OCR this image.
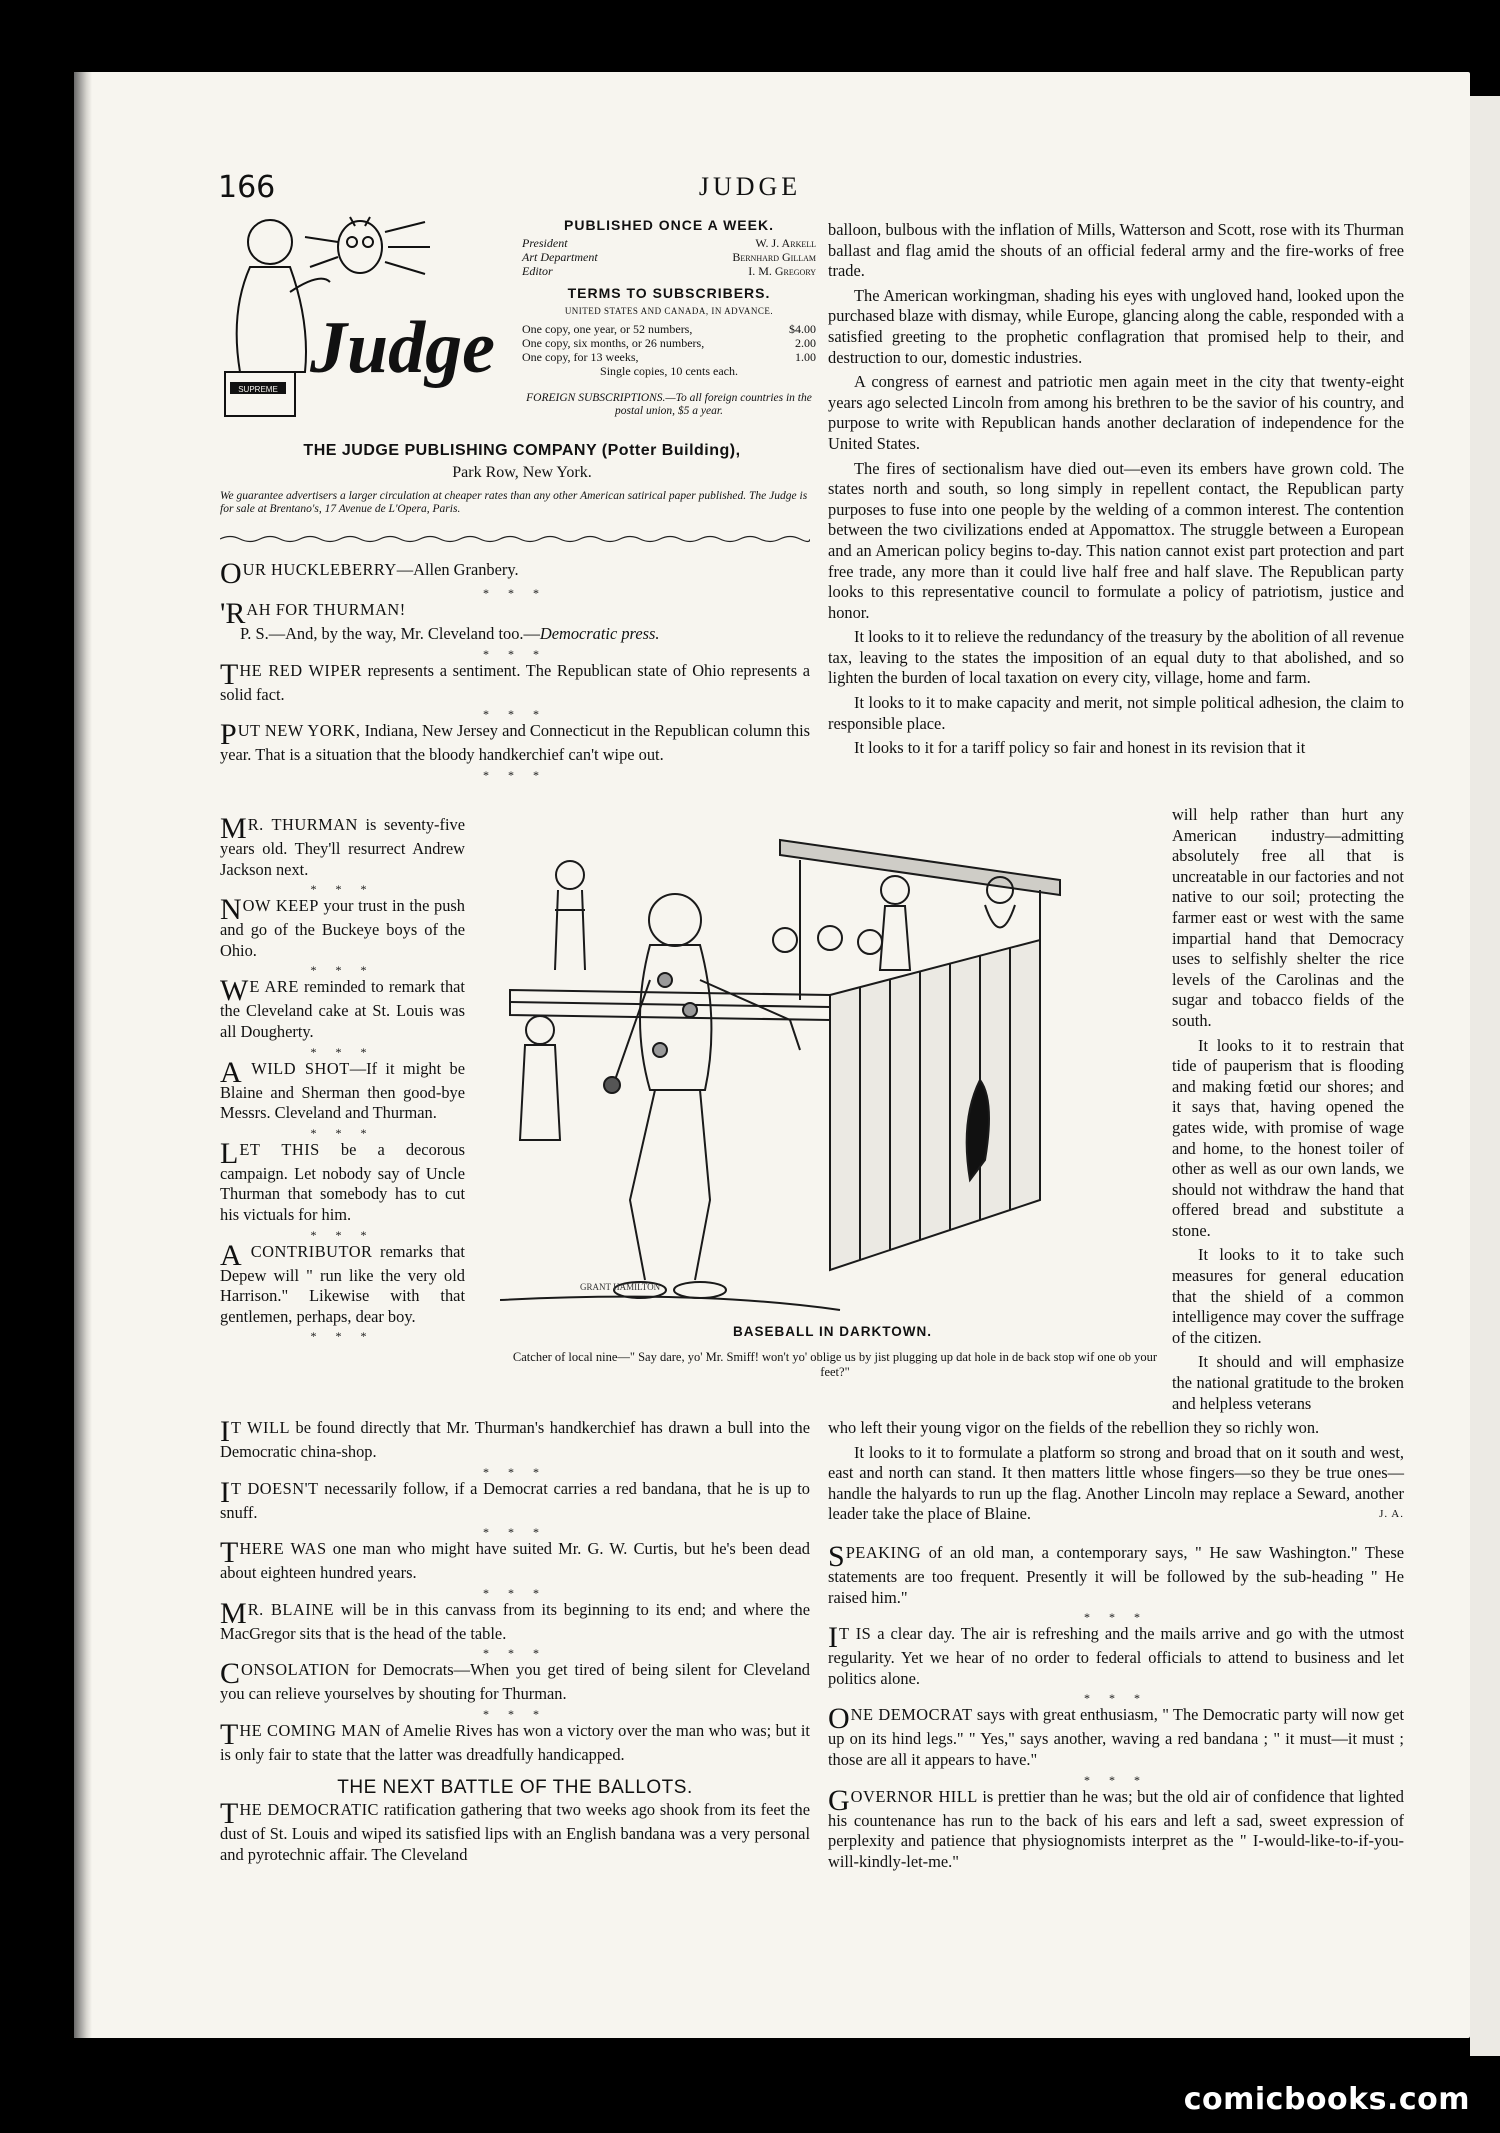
166	JUDGE
SUPREME
Judge
PUBLISHED ONCE A WEEK.
President	W. J. Arkell
Art Department	Bernhard Gillam
Editor	I. M. Gregory
TERMS TO SUBSCRIBERS.
UNITED STATES AND CANADA, IN ADVANCE.
One copy, one year, or 52 numbers,	$4.00
One copy, six months, or 26 numbers,	2.00
One copy, for 13 weeks,	1.00
Single copies, 10 cents each.
FOREIGN SUBSCRIPTIONS.—To all foreign countries in the postal union, $5 a year.
THE JUDGE PUBLISHING COMPANY (Potter Building),
Park Row, New York.
We guarantee advertisers a larger circulation at cheaper rates than any other American satirical paper published. The Judge is for sale at Brentano's, 17 Avenue de L'Opera, Paris.
OUR HUCKLEBERRY—Allen Granbery.
* * *
'RAH FOR THURMAN!
P. S.—And, by the way, Mr. Cleveland too.—Democratic press.
* * *
THE RED WIPER represents a sentiment. The Republican state of Ohio represents a solid fact.
* * *
PUT NEW YORK, Indiana, New Jersey and Connecticut in the Republican column this year. That is a situation that the bloody handkerchief can't wipe out.
* * *
MR. THURMAN is seventy-five years old. They'll resurrect Andrew Jackson next.
* * *
NOW KEEP your trust in the push and go of the Buckeye boys of the Ohio.
* * *
WE ARE reminded to remark that the Cleveland cake at St. Louis was all Dougherty.
* * *
A WILD SHOT—If it might be Blaine and Sherman then good-bye Messrs. Cleveland and Thurman.
* * *
LET THIS be a decorous campaign. Let nobody say of Uncle Thurman that somebody has to cut his victuals for him.
* * *
A CONTRIBUTOR remarks that Depew will " run like the very old Harrison." Likewise with that gentlemen, perhaps, dear boy.
* * *
GRANT HAMILTON
BASEBALL IN DARKTOWN.
Catcher of local nine—" Say dare, yo' Mr. Smiff! won't yo' oblige us by jist plugging up dat hole in de back stop wif one ob your feet?"
IT WILL be found directly that Mr. Thurman's handkerchief has drawn a bull into the Democratic china-shop.
* * *
IT DOESN'T necessarily follow, if a Democrat carries a red bandana, that he is up to snuff.
* * *
THERE WAS one man who might have suited Mr. G. W. Curtis, but he's been dead about eighteen hundred years.
* * *
MR. BLAINE will be in this canvass from its beginning to its end; and where the MacGregor sits that is the head of the table.
* * *
CONSOLATION for Democrats—When you get tired of being silent for Cleveland you can relieve yourselves by shouting for Thurman.
* * *
THE COMING MAN of Amelie Rives has won a victory over the man who was; but it is only fair to state that the latter was dreadfully handicapped.
THE NEXT BATTLE OF THE BALLOTS.
THE DEMOCRATIC ratification gathering that two weeks ago shook from its feet the dust of St. Louis and wiped its satisfied lips with an English bandana was a very personal and pyrotechnic affair. The Cleveland

balloon, bulbous with the inflation of Mills, Watterson and Scott, rose with its Thurman ballast and flag amid the shouts of an official federal army and the fire-works of free trade.

The American workingman, shading his eyes with ungloved hand, looked upon the purchased blaze with dismay, while Europe, glancing along the cable, responded with a satisfied greeting to the prophetic conflagration that promised help to their, and destruction to our, domestic industries.

A congress of earnest and patriotic men again meet in the city that twenty-eight years ago selected Lincoln from among his brethren to be the savior of his country, and purpose to write with Republican hands another declaration of independence for the United States.

The fires of sectionalism have died out—even its embers have grown cold. The states north and south, so long simply in repellent contact, the Republican party purposes to fuse into one people by the welding of a common interest. The contention between the two civilizations ended at Appomattox. The struggle between a European and an American policy begins to-day. This nation cannot exist part protection and part free trade, any more than it could live half free and half slave. The Republican party looks to this representative council to formulate a policy of patriotism, justice and honor.

It looks to it to relieve the redundancy of the treasury by the abolition of all revenue tax, leaving to the states the imposition of an equal duty to that abolished, and so lighten the burden of local taxation on every city, village, home and farm.

It looks to it to make capacity and merit, not simple political adhesion, the claim to responsible place.

It looks to it for a tariff policy so fair and honest in its revision that it

will help rather than hurt any American industry—admitting absolutely free all that is uncreatable in our factories and not native to our soil; protecting the farmer east or west with the same impartial hand that Democracy uses to selfishly shelter the rice levels of the Carolinas and the sugar and tobacco fields of the south.

It looks to it to restrain that tide of pauperism that is flooding and making fœtid our shores; and it says that, having opened the gates wide, with promise of wage and home, to the honest toiler of other as well as our own lands, we should not withdraw the hand that offered bread and substitute a stone.

It looks to it to take such measures for general education that the shield of a common intelligence may cover the suffrage of the citizen.

It should and will emphasize the national gratitude to the broken and helpless veterans

who left their young vigor on the fields of the rebellion they so richly won.

It looks to it to formulate a platform so strong and broad that on it south and west, east and north can stand. It then matters little whose fingers—so they be true ones—handle the halyards to run up the flag. Another Lincoln may replace a Seward, another leader take the place of Blaine.	J. A.

SPEAKING of an old man, a contemporary says, " He saw Washington." These statements are too frequent. Presently it will be followed by the sub-heading " He raised him."
* * *
IT IS a clear day. The air is refreshing and the mails arrive and go with the utmost regularity. Yet we hear of no order to federal officials to attend to business and let politics alone.
* * *
ONE DEMOCRAT says with great enthusiasm, " The Democratic party will now get up on its hind legs." " Yes," says another, waving a red bandana ; " it must—it must ; those are all it appears to have."
* * *
GOVERNOR HILL is prettier than he was; but the old air of confidence that lighted his countenance has run to the back of his ears and left a sad, sweet expression of perplexity and patience that physiognomists interpret as the " I-would-like-to-if-you-will-kindly-let-me."
comicbooks.com
